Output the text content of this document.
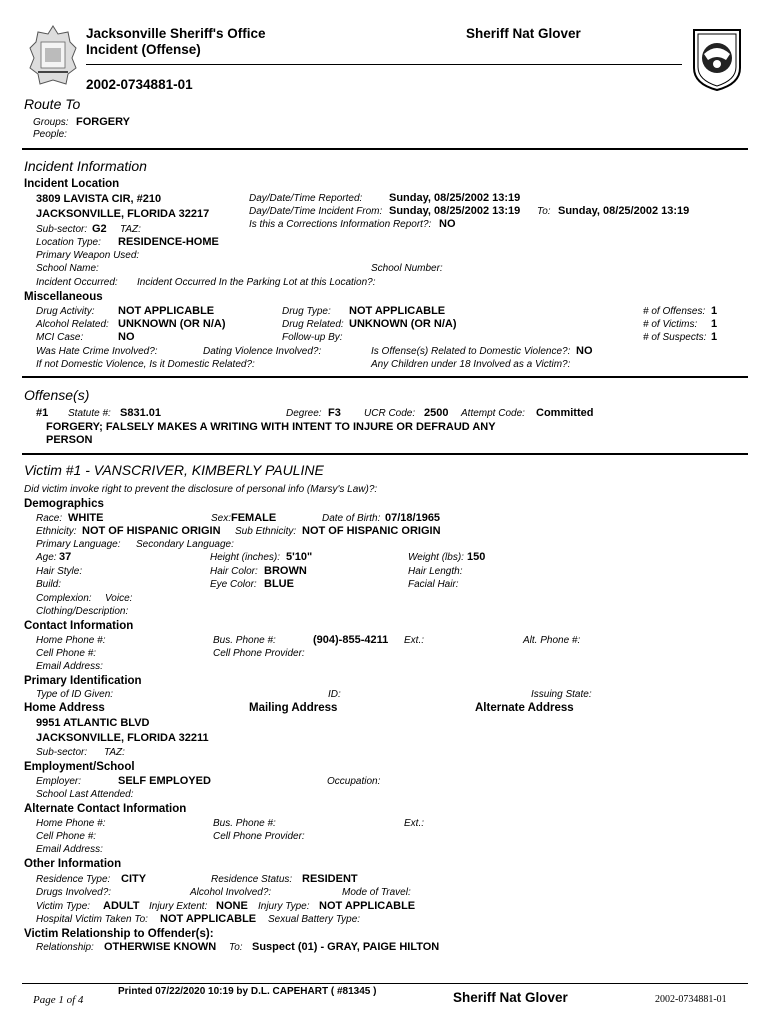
Jacksonville Sheriff's Office
Incident (Offense)
Sheriff Nat Glover
2002-0734881-01
Route To
Groups: FORGERY
People:
Incident Information
Incident Location
3809 LAVISTA CIR, #210
JACKSONVILLE, FLORIDA 32217
Day/Date/Time Reported: Sunday, 08/25/2002 13:19
Day/Date/Time Incident From: Sunday, 08/25/2002 13:19 To: Sunday, 08/25/2002 13:19
Is this a Corrections Information Report?: NO
Sub-sector: G2 TAZ:
Location Type: RESIDENCE-HOME
Primary Weapon Used:
School Name:	School Number:
Incident Occurred: Incident Occurred In the Parking Lot at this Location?:
Miscellaneous
Drug Activity: NOT APPLICABLE	Drug Type: NOT APPLICABLE	# of Offenses: 1
Alcohol Related: UNKNOWN (OR N/A)	Drug Related: UNKNOWN (OR N/A)	# of Victims: 1
MCI Case:	NO	Follow-up By:	# of Suspects: 1
Was Hate Crime Involved?:	Dating Violence Involved?:	Is Offense(s) Related to Domestic Violence?: NO
If not Domestic Violence, Is it Domestic Related?:	Any Children under 18 Involved as a Victim?:
Offense(s)
#1 Statute #: S831.01	Degree: F3 UCR Code: 2500 Attempt Code: Committed
FORGERY; FALSELY MAKES A WRITING WITH INTENT TO INJURE OR DEFRAUD ANY
PERSON
Victim #1 - VANSCRIVER, KIMBERLY PAULINE
Did victim invoke right to prevent the disclosure of personal info (Marsy's Law)?:
Demographics
Race: WHITE	Sex: FEMALE	Date of Birth: 07/18/1965
Ethnicity: NOT OF HISPANIC ORIGIN Sub Ethnicity: NOT OF HISPANIC ORIGIN
Primary Language: Secondary Language:
Age: 37	Height (inches): 5'10"	Weight (lbs): 150
Hair Style:	Hair Color: BROWN	Hair Length:
Build:	Eye Color: BLUE	Facial Hair:
Complexion: Voice:
Clothing/Description:
Contact Information
Home Phone #:	Bus. Phone #:	(904)-855-4211 Ext.:	Alt. Phone #:
Cell Phone #:	Cell Phone Provider:
Email Address:
Primary Identification
Type of ID Given:	ID:	Issuing State:
Home Address	Mailing Address	Alternate Address
9951 ATLANTIC BLVD
JACKSONVILLE, FLORIDA 32211
Sub-sector: TAZ:
Employment/School
Employer:	SELF EMPLOYED	Occupation:
School Last Attended:
Alternate Contact Information
Home Phone #:	Bus. Phone #:	Ext.:
Cell Phone #:	Cell Phone Provider:
Email Address:
Other Information
Residence Type: CITY	Residence Status: RESIDENT
Drugs Involved?:	Alcohol Involved?:	Mode of Travel:
Victim Type: ADULT Injury Extent: NONE Injury Type: NOT APPLICABLE
Hospital Victim Taken To: NOT APPLICABLE Sexual Battery Type:
Victim Relationship to Offender(s):
Relationship: OTHERWISE KNOWN To: Suspect (01) - GRAY, PAIGE HILTON
Page 1 of 4
Printed 07/22/2020 10:19 by D.L. CAPEHART ( #81345 )	Sheriff Nat Glover	2002-0734881-01
